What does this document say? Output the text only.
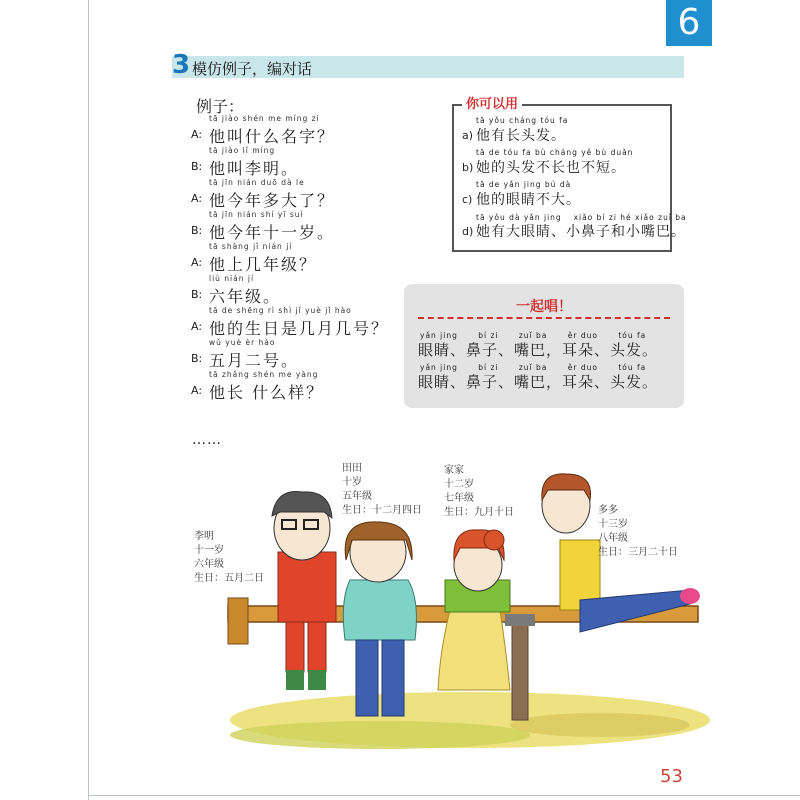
6
3 模仿例子，编对话
例子：
tā jiào shén me míng zi
A: 他叫什么名字？
tā jiào lǐ míng
B: 他叫李明。
tā jīn nián duō dà le
A: 他今年多大了？
tā jīn nián shí yī suì
B: 他今年十一岁。
tā shàng jǐ nián jí
A: 他上几年级？
liù nián jí
B: 六年级。
tā de shēng rì shì jǐ yuè jǐ hào
A: 他的生日是几月几号？
wǔ yuè èr hào
B: 五月二号。
tā zhǎng shén me yàng
A: 他长 什么样？
……
你可以用
tā yǒu cháng tóu fa
a) 他有长头发。
tā de tóu fa bù cháng yě bù duǎn
b) 她的头发不长也不短。
tā de yǎn jing bú dà
c) 他的眼睛不大。
tā yǒu dà yǎn jing　 xiǎo bí zi hé xiǎo zuǐ ba
d) 她有大眼睛、小鼻子和小嘴巴。
一起唱！
yǎn jing　　 bí zi　　 zuǐ ba　　 ěr duo　　 tóu fa
眼睛、鼻子、嘴巴，耳朵、头发。
yǎn jing　　 bí zi　　 zuǐ ba　　 ěr duo　　 tóu fa
眼睛、鼻子、嘴巴，耳朵、头发。
李明
十一岁
六年级
生日：五月二日
田田
十岁
五年级
生日：十二月四日
家家
十二岁
七年级
生日：九月十日	多多
十三岁
八年级
生日：三月二十日
53
